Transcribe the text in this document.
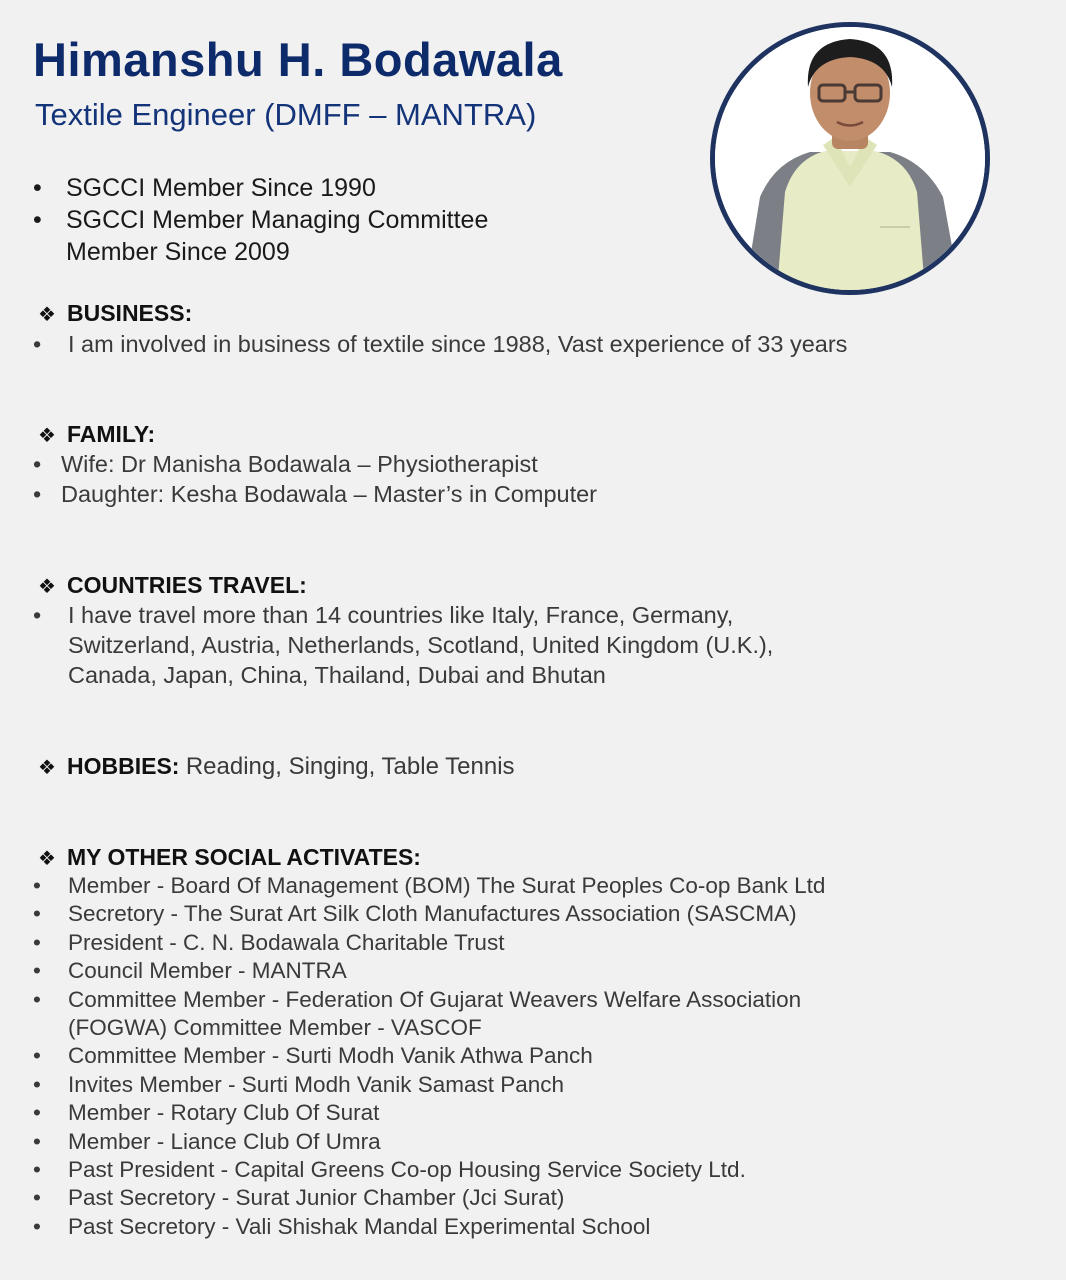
Himanshu H. Bodawala
Textile Engineer (DMFF – MANTRA)
• SGCCI Member Since 1990
• SGCCI Member Managing Committee
Member Since 2009
❖ BUSINESS:
• I am involved in business of textile since 1988, Vast experience of 33 years
❖ FAMILY:
• Wife: Dr Manisha Bodawala – Physiotherapist
• Daughter: Kesha Bodawala – Master’s in Computer
❖ COUNTRIES TRAVEL:
• I have travel more than 14 countries like Italy, France, Germany,
Switzerland, Austria, Netherlands, Scotland, United Kingdom (U.K.),
Canada, Japan, China, Thailand, Dubai and Bhutan
❖ HOBBIES: Reading, Singing, Table Tennis
❖ MY OTHER SOCIAL ACTIVATES:
• Member - Board Of Management (BOM) The Surat Peoples Co-op Bank Ltd
• Secretory - The Surat Art Silk Cloth Manufactures Association (SASCMA)
• President - C. N. Bodawala Charitable Trust
• Council Member - MANTRA
• Committee Member - Federation Of Gujarat Weavers Welfare Association
(FOGWA) Committee Member - VASCOF
• Committee Member - Surti Modh Vanik Athwa Panch
• Invites Member - Surti Modh Vanik Samast Panch
• Member - Rotary Club Of Surat
• Member - Liance Club Of Umra
• Past President - Capital Greens Co-op Housing Service Society Ltd.
• Past Secretory - Surat Junior Chamber (Jci Surat)
• Past Secretory - Vali Shishak Mandal Experimental School
